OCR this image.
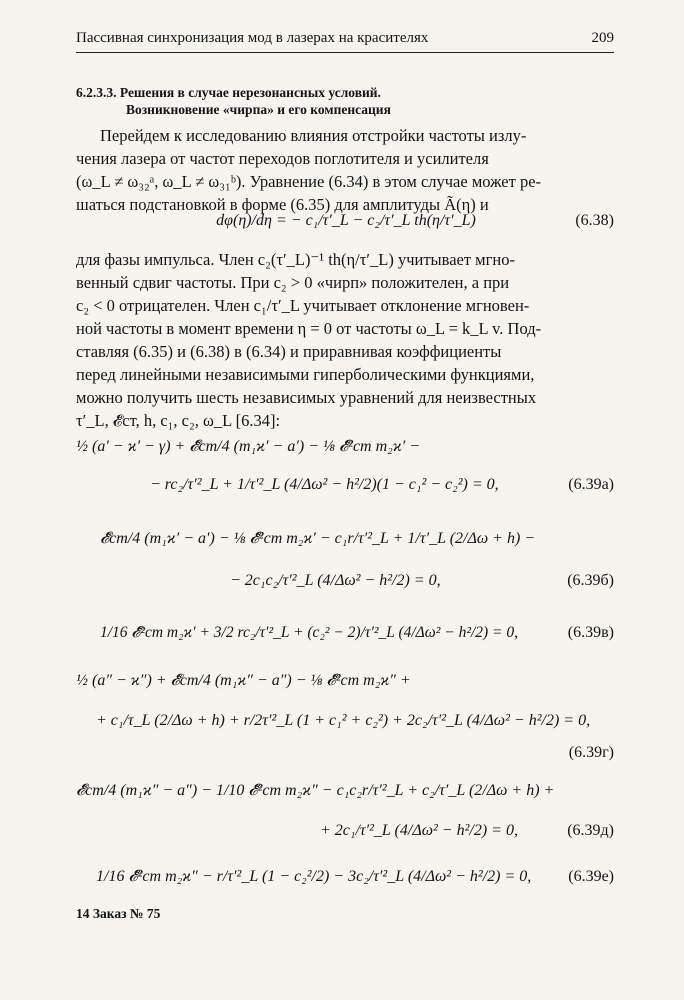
Пассивная синхронизация мод в лазерах на красителях	209
6.2.3.3. Решения в случае нерезонансных условий.
Возникновение «чирпа» и его компенсация
Перейдем к исследованию влияния отстройки частоты излу-
чения лазера от частот переходов поглотителя и усилителя
(ω_L ≠ ω₃₂ᵃ, ω_L ≠ ω₃₁ᵇ). Уравнение (6.34) в этом случае может ре-
шаться подстановкой в форме (6.35) для амплитуды Ã(η) и
dφ(η)/dη = − c₁/τ′_L − c₂/τ′_L th(η/τ′_L)	(6.38)
для фазы импульса. Член c₂(τ′_L)⁻¹ th(η/τ′_L) учитывает мгно-
венный сдвиг частоты. При c₂ > 0 «чирп» положителен, а при
c₂ < 0 отрицателен. Член c₁/τ′_L учитывает отклонение мгновен-
ной частоты в момент времени η = 0 от частоты ω_L = k_L v. Под-
ставляя (6.35) и (6.38) в (6.34) и приравнивая коэффициенты
перед линейными независимыми гиперболическими функциями,
можно получить шесть независимых уравнений для неизвестных
τ′_L, 𝓔̃ст, h, c₁, c₂, ω_L [6.34]:
½ (a′ − ϰ′ − γ) + 𝓔̃ст/4 (m₁ϰ′ − a′) − ⅛ 𝓔̃²ст m₂ϰ′ −
− rc₂/τ′²_L + 1/τ′²_L (4/Δω² − h²/2)(1 − c₁² − c₂²) = 0,	(6.39а)
𝓔̃ст/4 (m₁ϰ′ − a′) − ⅛ 𝓔̃²ст m₂ϰ′ − c₁r/τ′²_L + 1/τ′_L (2/Δω + h) −
− 2c₁c₂/τ′²_L (4/Δω² − h²/2) = 0,	(6.39б)
1/16 𝓔̃²ст m₂ϰ′ + 3/2 rc₂/τ′²_L + (c₂² − 2)/τ′²_L (4/Δω² − h²/2) = 0,	(6.39в)
½ (a″ − ϰ″) + 𝓔̃ст/4 (m₁ϰ″ − a″) − ⅛ 𝓔̃²ст m₂ϰ″ +
+ c₁/τ_L (2/Δω + h) + r/2τ′²_L (1 + c₁² + c₂²) + 2c₂/τ′²_L (4/Δω² − h²/2) = 0,
(6.39г)
𝓔̃ст/4 (m₁ϰ″ − a″) − 1/10 𝓔̃²ст m₂ϰ″ − c₁c₂r/τ′²_L + c₂/τ′_L (2/Δω + h) +
+ 2c₁/τ′²_L (4/Δω² − h²/2) = 0,	(6.39д)
1/16 𝓔̃²ст m₂ϰ″ − r/τ′²_L (1 − c₂²/2) − 3c₂/τ′²_L (4/Δω² − h²/2) = 0, (6.39е)
14 Заказ № 75
